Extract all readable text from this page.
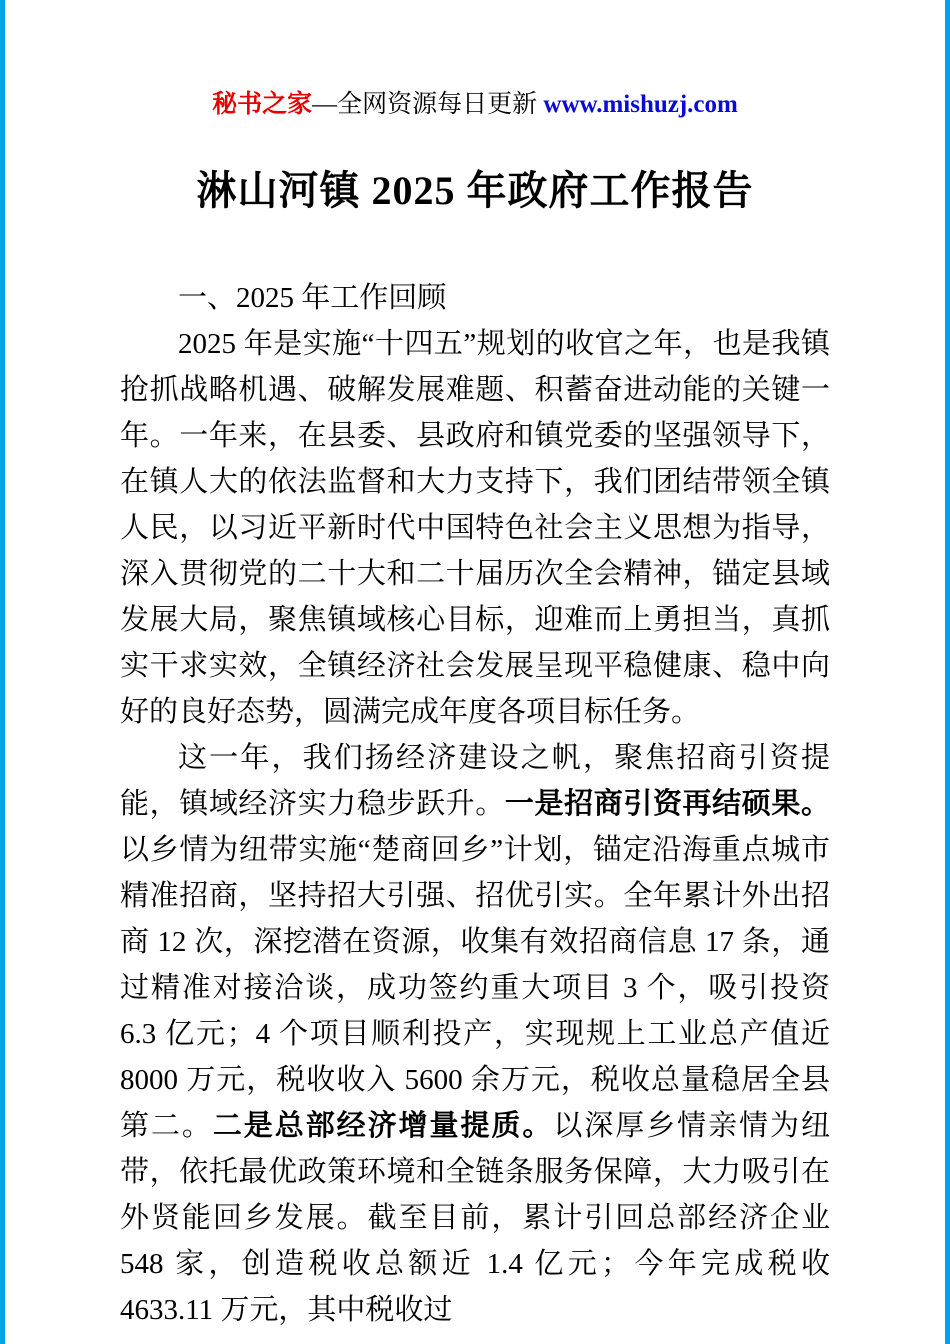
秘书之家—全网资源每日更新 www.mishuzj.com
淋山河镇 2025 年政府工作报告

一、2025 年工作回顾

2025 年是实施“十四五”规划的收官之年，也是我镇抢抓战略机遇、破解发展难题、积蓄奋进动能的关键一年。一年来，在县委、县政府和镇党委的坚强领导下，在镇人大的依法监督和大力支持下，我们团结带领全镇人民，以习近平新时代中国特色社会主义思想为指导，深入贯彻党的二十大和二十届历次全会精神，锚定县域发展大局，聚焦镇域核心目标，迎难而上勇担当，真抓实干求实效，全镇经济社会发展呈现平稳健康、稳中向好的良好态势，圆满完成年度各项目标任务。

这一年，我们扬经济建设之帆，聚焦招商引资提能，镇域经济实力稳步跃升。一是招商引资再结硕果。以乡情为纽带实施“楚商回乡”计划，锚定沿海重点城市精准招商，坚持招大引强、招优引实。全年累计外出招商 12 次，深挖潜在资源，收集有效招商信息 17 条，通过精准对接洽谈，成功签约重大项目 3 个，吸引投资 6.3 亿元；4 个项目顺利投产，实现规上工业总产值近 8000 万元，税收收入 5600 余万元，税收总量稳居全县第二。二是总部经济增量提质。以深厚乡情亲情为纽带，依托最优政策环境和全链条服务保障，大力吸引在外贤能回乡发展。截至目前，累计引回总部经济企业 548 家，创造税收总额近 1.4 亿元；今年完成税收 4633.11 万元，其中税收过
